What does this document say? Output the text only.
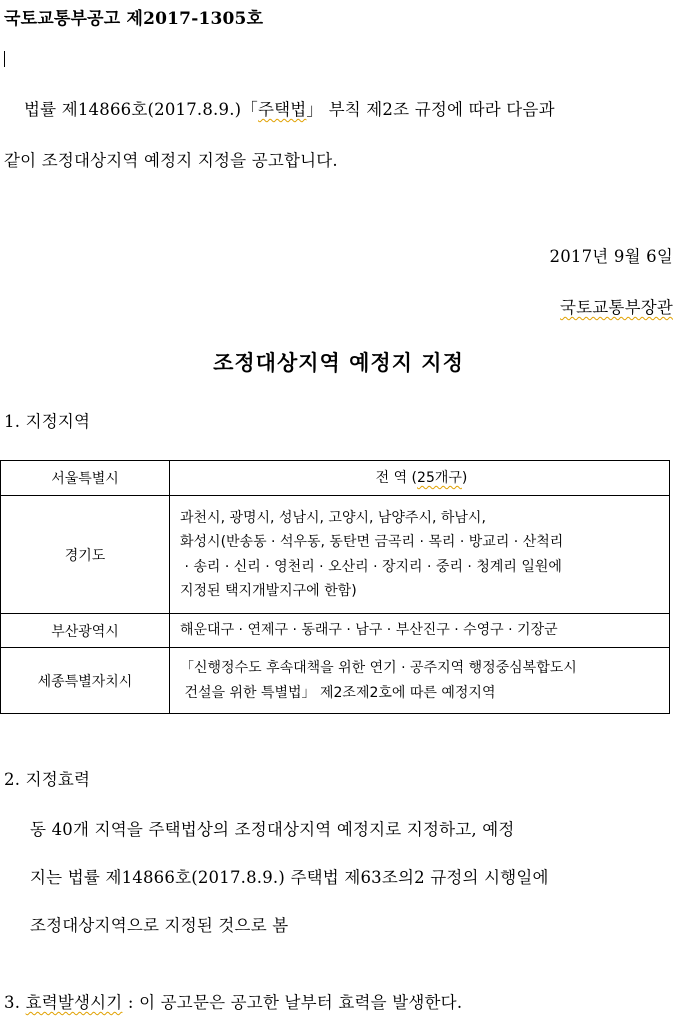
국토교통부공고 제2017-1305호
법률 제14866호(2017.8.9.)「주택법」 부칙 제2조 규정에 따라 다음과
같이 조정대상지역 예정지 지정을 공고합니다.
2017년 9월 6일
국토교통부장관
조정대상지역 예정지 지정
1. 지정지역
서울특별시	전 역 (25개구)
경기도	과천시, 광명시, 성남시, 고양시, 남양주시, 하남시,
화성시(반송동 · 석우동, 동탄면 금곡리 · 목리 · 방교리 · 산척리
· 송리 · 신리 · 영천리 · 오산리 · 장지리 · 중리 · 청계리 일원에
지정된 택지개발지구에 한함)

부산광역시	해운대구 · 연제구 · 동래구 · 남구 · 부산진구 · 수영구 · 기장군
세종특별자치시	「신행정수도 후속대책을 위한 연기 · 공주지역 행정중심복합도시
건설을 위한 특별법」 제2조제2호에 따른 예정지역
2. 지정효력
동 40개 지역을 주택법상의 조정대상지역 예정지로 지정하고, 예정
지는 법률 제14866호(2017.8.9.) 주택법 제63조의2 규정의 시행일에
조정대상지역으로 지정된 것으로 봄
3. 효력발생시기 : 이 공고문은 공고한 날부터 효력을 발생한다.
